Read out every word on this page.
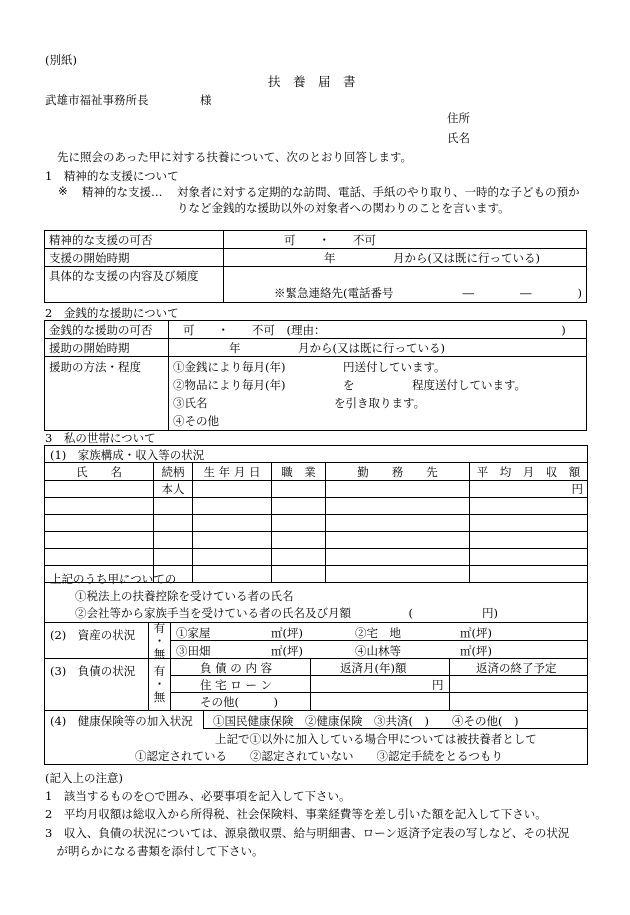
(別紙)
扶　養　届　書
武雄市福祉事務所長	様
住所
氏名
先に照会のあった甲に対する扶養について、次のとおり回答します。
1　精神的な支援について
※ 精神的な支援… 対象者に対する定期的な訪問、電話、手紙のやり取り、一時的な子どもの預か
りなど金銭的な援助以外の対象者への関わりのことを言います。
精神的な支援の可否	可　　・　　不可
支援の開始時期	年　　　　　月から(又は既に行っている)
具体的な支援の内容及び頻度	※緊急連絡先(電話番号　　　　　　―　　　　―　　　　)
2　金銭的な援助について
金銭的な援助の可否	可　　・　　不可　(理由：　　　　　　　　　　　　　　　　　　　　　)
援助の開始時期	年　　　　　月から(又は既に行っている)
援助の方法・程度	①金銭により毎月(年)　　　　　円送付しています。
②物品により毎月(年)　　　　　を　　　　　程度送付しています。
③氏名　　　　　　　　　　　を引き取ります。
④その他
3　私の世帯について
(1)　家族構成・収入等の状況
氏　　名	続柄	生 年 月 日	職　業	勤　　務　　先	平　均　月　収　額
	本人				円

上記のうち甲についての
①税法上の扶養控除を受けている者の氏名
②会社等から家族手当を受けている者の氏名及び月額　　　　　(　　　　　　円)
(2)　資産の状況 有
・
無
①家屋	㎡(坪)	②宅　地	㎡(坪)
③田畑	㎡(坪)	④山林等	㎡(坪)
(3)　負債の状況 有
・
無
負 債 の 内 容	返済月(年)額	返済の終了予定
住 宅 ロ ー ン	円
その他(　　　)
(4)　健康保険等の加入状況 ①国民健康保険　②健康保険　③共済(　)　　④その他(　)
上記で①以外に加入している場合甲については被扶養者として
①認定されている　　②認定されていない　　③認定手続をとるつもり
(記入上の注意)
1　該当するものを○で囲み、必要事項を記入して下さい。
2　平均月収額は総収入から所得税、社会保険料、事業経費等を差し引いた額を記入して下さい。
3　収入、負債の状況については、源泉徴収票、給与明細書、ローン返済予定表の写しなど、その状況
　が明らかになる書類を添付して下さい。
